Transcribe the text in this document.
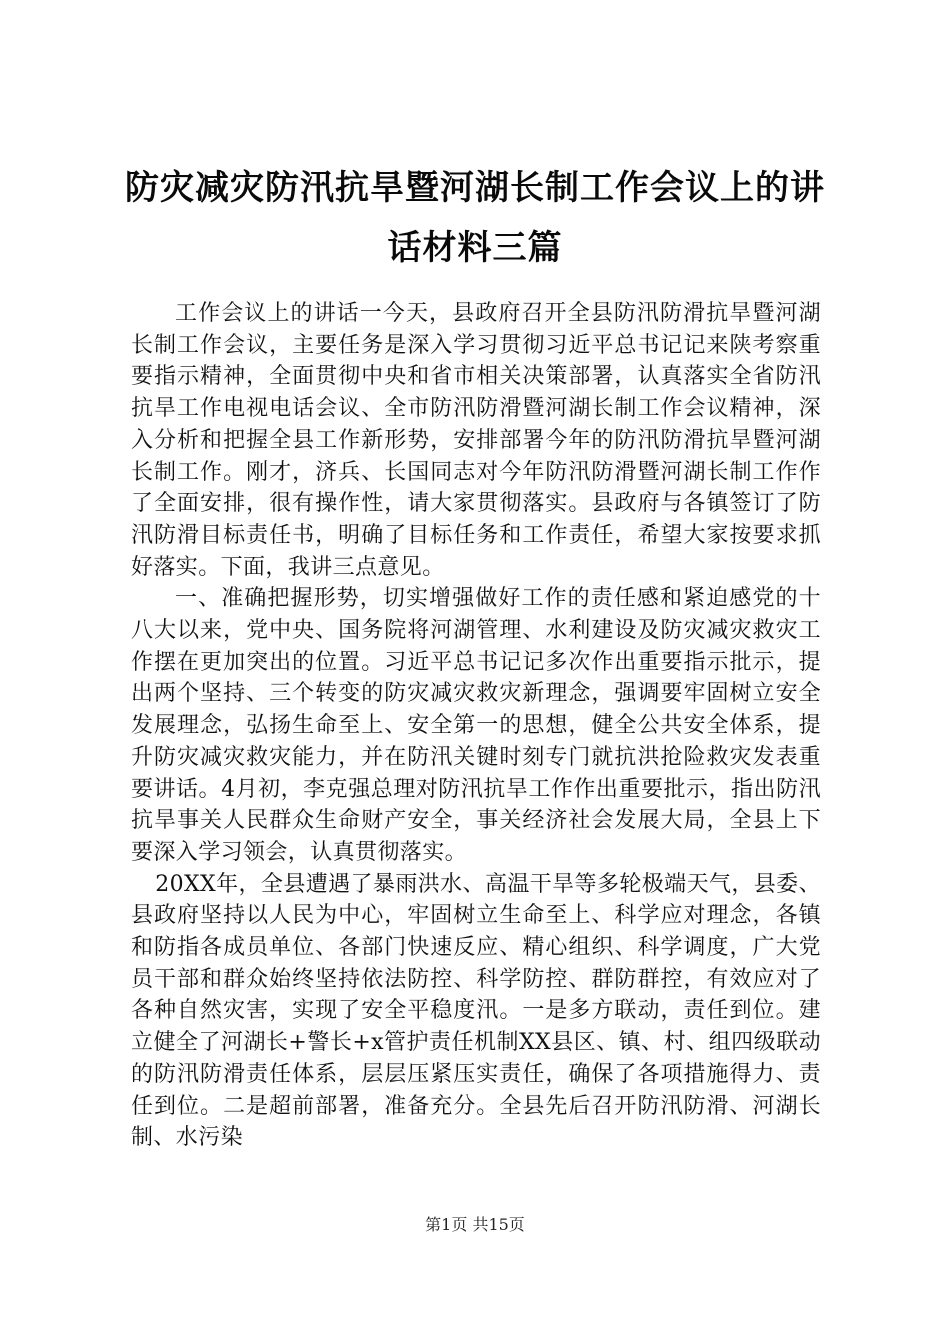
防灾减灾防汛抗旱暨河湖长制工作会议上的讲
话材料三篇

工作会议上的讲话一今天，县政府召开全县防汛防滑抗旱暨河湖长制工作会议，主要任务是深入学习贯彻习近平总书记记来陕考察重要指示精神，全面贯彻中央和省市相关决策部署，认真落实全省防汛抗旱工作电视电话会议、全市防汛防滑暨河湖长制工作会议精神，深入分析和把握全县工作新形势，安排部署今年的防汛防滑抗旱暨河湖长制工作。刚才，济兵、长国同志对今年防汛防滑暨河湖长制工作作了全面安排，很有操作性，请大家贯彻落实。县政府与各镇签订了防汛防滑目标责任书，明确了目标任务和工作责任，希望大家按要求抓好落实。下面，我讲三点意见。

一、准确把握形势，切实增强做好工作的责任感和紧迫感党的十八大以来，党中央、国务院将河湖管理、水利建设及防灾减灾救灾工作摆在更加突出的位置。习近平总书记记多次作出重要指示批示，提出两个坚持、三个转变的防灾减灾救灾新理念，强调要牢固树立安全发展理念，弘扬生命至上、安全第一的思想，健全公共安全体系，提升防灾减灾救灾能力，并在防汛关键时刻专门就抗洪抢险救灾发表重要讲话。4月初，李克强总理对防汛抗旱工作作出重要批示，指出防汛抗旱事关人民群众生命财产安全，事关经济社会发展大局，全县上下要深入学习领会，认真贯彻落实。

20XX年，全县遭遇了暴雨洪水、高温干旱等多轮极端天气，县委、县政府坚持以人民为中心，牢固树立生命至上、科学应对理念，各镇和防指各成员单位、各部门快速反应、精心组织、科学调度，广大党员干部和群众始终坚持依法防控、科学防控、群防群控，有效应对了各种自然灾害，实现了安全平稳度汛。一是多方联动，责任到位。建立健全了河湖长+警长+x管护责任机制XX县区、镇、村、组四级联动的防汛防滑责任体系，层层压紧压实责任，确保了各项措施得力、责任到位。二是超前部署，准备充分。全县先后召开防汛防滑、河湖长制、水污染

第1页 共15页
